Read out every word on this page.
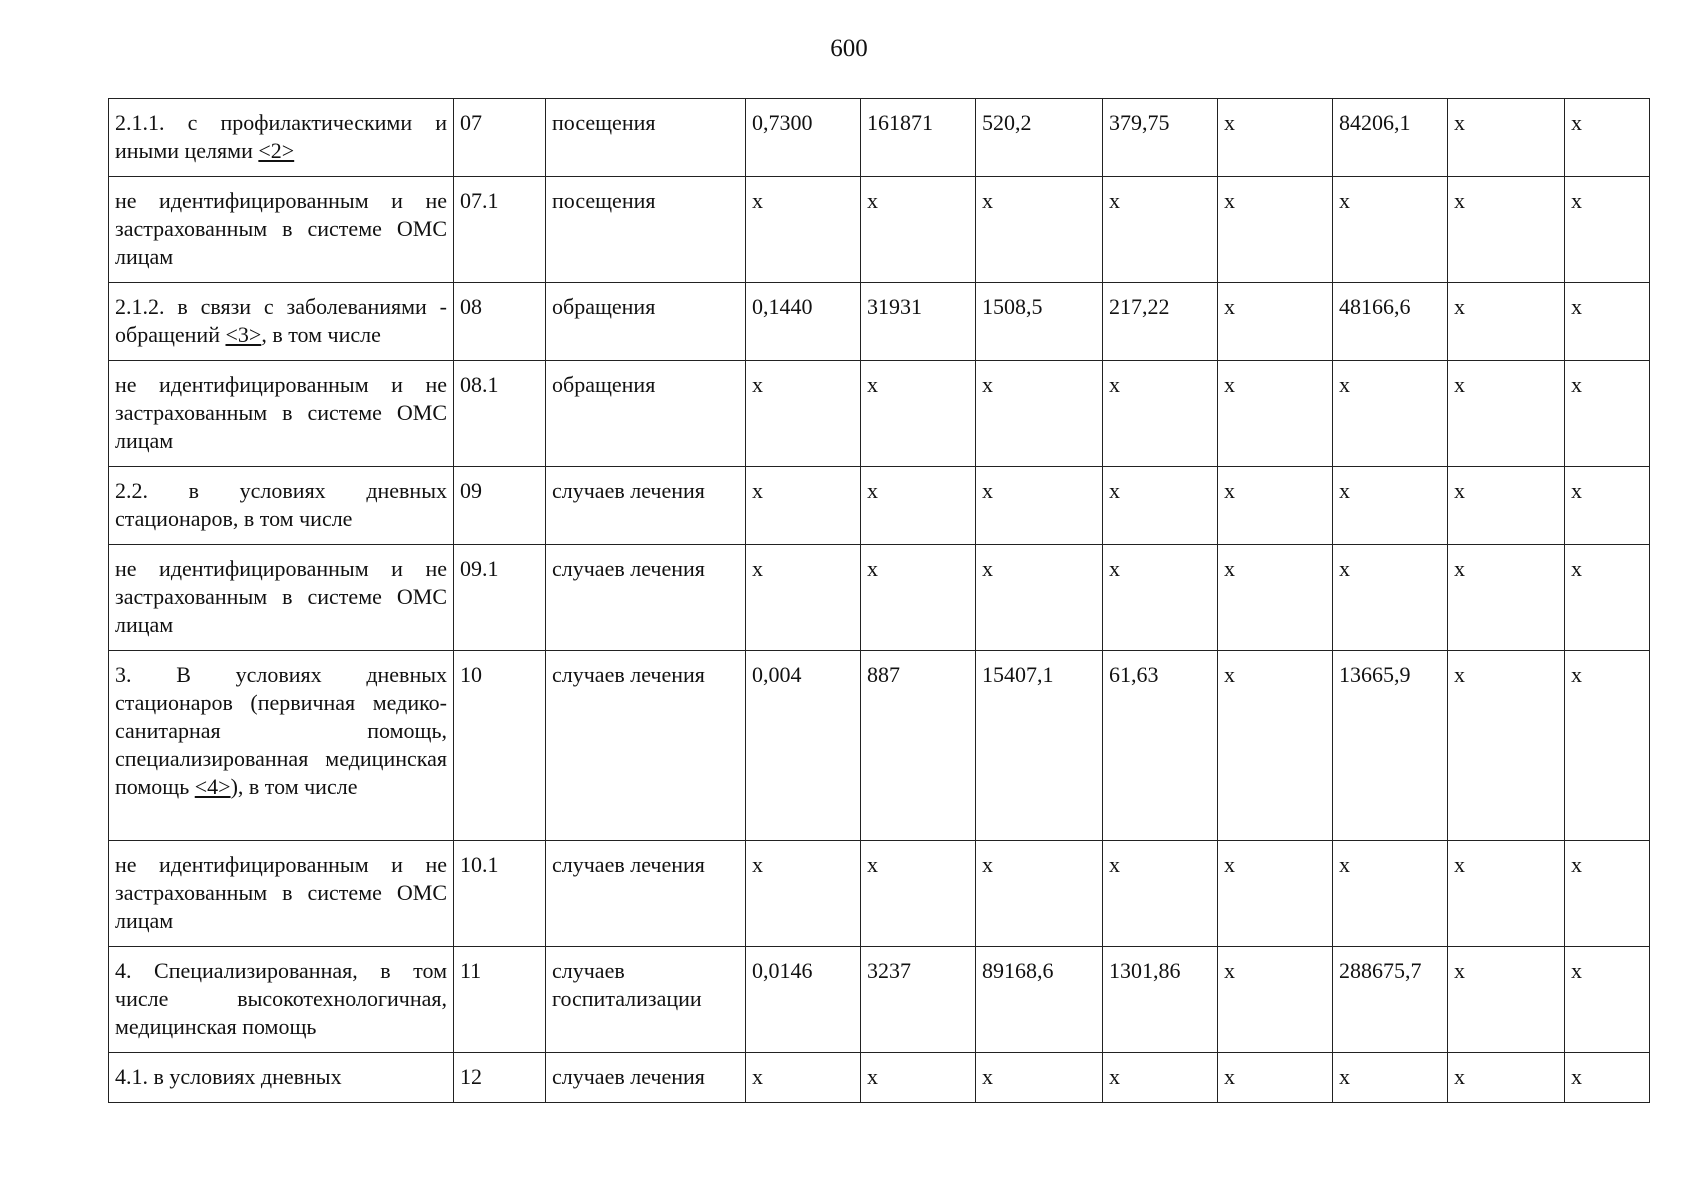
600
2.1.1. с профилактическими и иными целями <2>	07	посещения	0,7300	161871	520,2	379,75	х	84206,1	х	х
не идентифицированным и не застрахованным в системе ОМС лицам	07.1	посещения	х	х	х	х	х	х	х	х
2.1.2. в связи с заболеваниями - обращений <3>, в том числе	08	обращения	0,1440	31931	1508,5	217,22	х	48166,6	х	х
не идентифицированным и не застрахованным в системе ОМС лицам	08.1	обращения	х	х	х	х	х	х	х	х
2.2. в условиях дневных стационаров, в том числе	09	случаев лечения	х	х	х	х	х	х	х	х
не идентифицированным и не застрахованным в системе ОМС лицам	09.1	случаев лечения	х	х	х	х	х	х	х	х
3. В условиях дневных стационаров (первичная медико-санитарная помощь, специализированная медицинская помощь <4>), в том числе	10	случаев лечения	0,004	887	15407,1	61,63	х	13665,9	х	х
не идентифицированным и не застрахованным в системе ОМС лицам	10.1	случаев лечения	х	х	х	х	х	х	х	х
4. Специализированная, в том числе высокотехнологичная, медицинская помощь	11	случаев госпитализации	0,0146	3237	89168,6	1301,86	х	288675,7	х	х
4.1. в условиях дневных	12	случаев лечения	х	х	х	х	х	х	х	х
